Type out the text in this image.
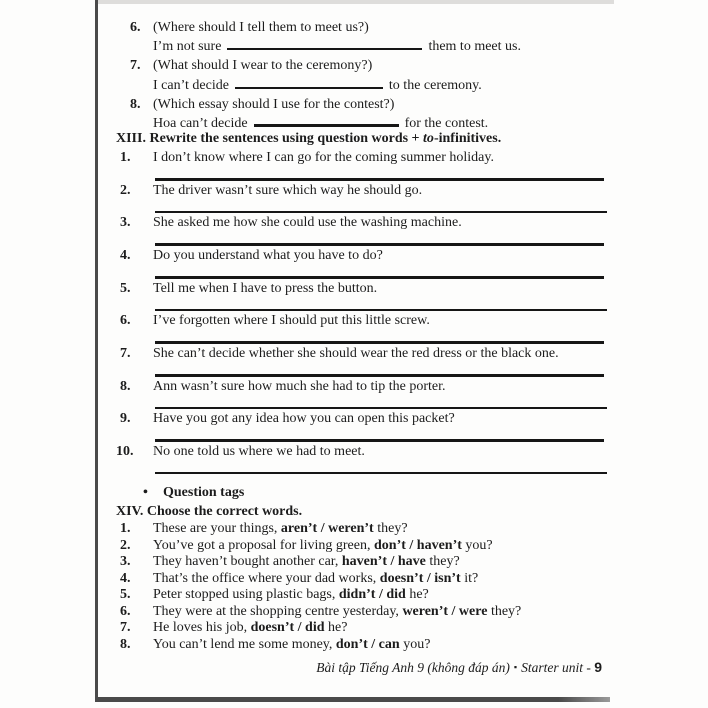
6. (Where should I tell them to meet us?)
I’m not sure	them to meet us.
7. (What should I wear to the ceremony?)
I can’t decide	to the ceremony.
8. (Which essay should I use for the contest?)
Hoa can’t decide	for the contest.
XIII. Rewrite the sentences using question words + to-infinitives.
1. I don’t know where I can go for the coming summer holiday.
2. The driver wasn’t sure which way he should go.
3. She asked me how she could use the washing machine.
4. Do you understand what you have to do?
5. Tell me when I have to press the button.
6. I’ve forgotten where I should put this little screw.
7. She can’t decide whether she should wear the red dress or the black one.
8. Ann wasn’t sure how much she had to tip the porter.
9. Have you got any idea how you can open this packet?
10. No one told us where we had to meet.
• Question tags
XIV. Choose the correct words.
1. These are your things, aren’t / weren’t they?
2. You’ve got a proposal for living green, don’t / haven’t you?
3. They haven’t bought another car, haven’t / have they?
4. That’s the office where your dad works, doesn’t / isn’t it?
5. Peter stopped using plastic bags, didn’t / did he?
6. They were at the shopping centre yesterday, weren’t / were they?
7. He loves his job, doesn’t / did he?
8. You can’t lend me some money, don’t / can you?
Bài tập Tiếng Anh 9 (không đáp án) ▪ Starter unit - 9
